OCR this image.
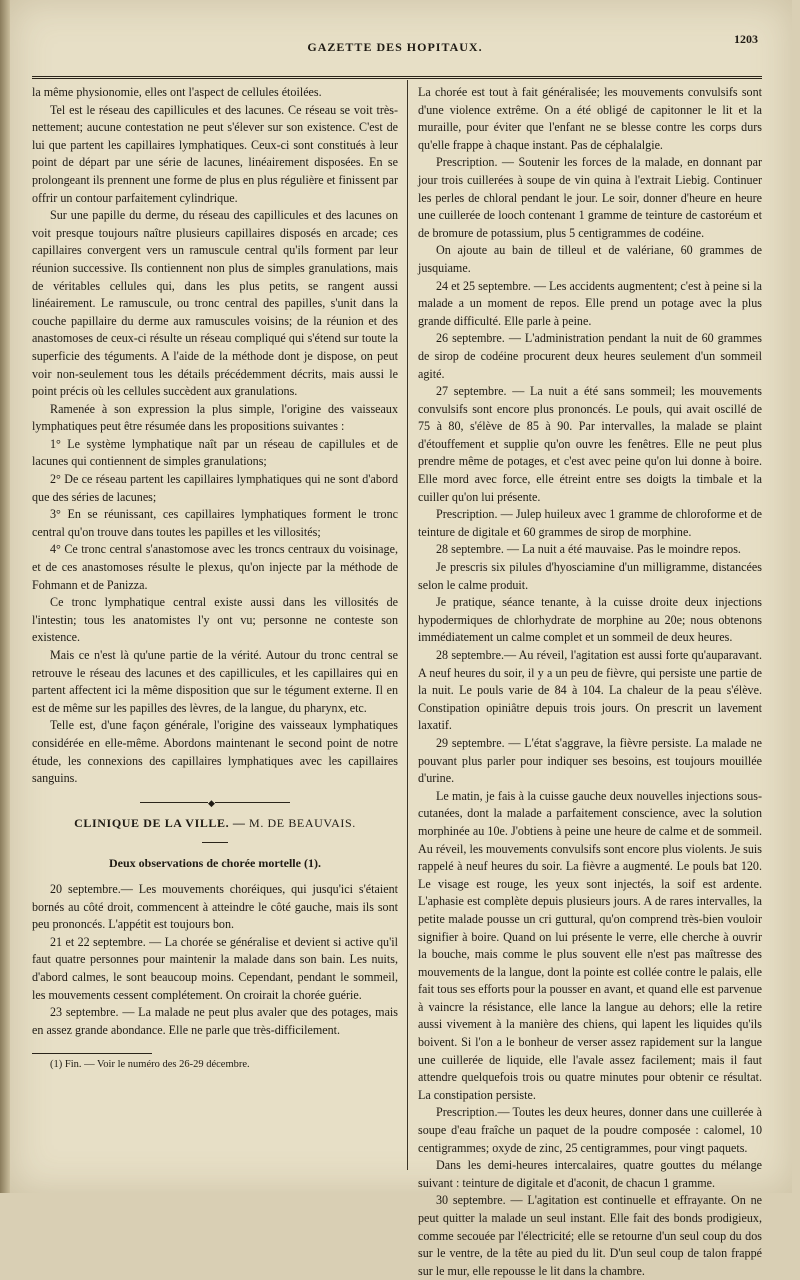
GAZETTE DES HOPITAUX.
1203

la même physionomie, elles ont l'aspect de cellules étoilées.

Tel est le réseau des capillicules et des lacunes. Ce réseau se voit très-nettement; aucune contestation ne peut s'élever sur son existence. C'est de lui que partent les capillaires lymphatiques. Ceux-ci sont constitués à leur point de départ par une série de lacunes, linéairement disposées. En se prolongeant ils prennent une forme de plus en plus régulière et finissent par offrir un contour parfaitement cylindrique.

Sur une papille du derme, du réseau des capillicules et des lacunes on voit presque toujours naître plusieurs capillaires disposés en arcade; ces capillaires convergent vers un ramuscule central qu'ils forment par leur réunion successive. Ils contiennent non plus de simples granulations, mais de véritables cellules qui, dans les plus petits, se rangent aussi linéairement. Le ramuscule, ou tronc central des papilles, s'unit dans la couche papillaire du derme aux ramuscules voisins; de la réunion et des anastomoses de ceux-ci résulte un réseau compliqué qui s'étend sur toute la superficie des téguments. A l'aide de la méthode dont je dispose, on peut voir non-seulement tous les détails précédemment décrits, mais aussi le point précis où les cellules succèdent aux granulations.

Ramenée à son expression la plus simple, l'origine des vaisseaux lymphatiques peut être résumée dans les propositions suivantes :

1° Le système lymphatique naît par un réseau de capillules et de lacunes qui contiennent de simples granulations;

2° De ce réseau partent les capillaires lymphatiques qui ne sont d'abord que des séries de lacunes;

3° En se réunissant, ces capillaires lymphatiques forment le tronc central qu'on trouve dans toutes les papilles et les villosités;

4° Ce tronc central s'anastomose avec les troncs centraux du voisinage, et de ces anastomoses résulte le plexus, qu'on injecte par la méthode de Fohmann et de Panizza.

Ce tronc lymphatique central existe aussi dans les villosités de l'intestin; tous les anatomistes l'y ont vu; personne ne conteste son existence.

Mais ce n'est là qu'une partie de la vérité. Autour du tronc central se retrouve le réseau des lacunes et des capillicules, et les capillaires qui en partent affectent ici la même disposition que sur le tégument externe. Il en est de même sur les papilles des lèvres, de la langue, du pharynx, etc.

Telle est, d'une façon générale, l'origine des vaisseaux lymphatiques considérée en elle-même. Abordons maintenant le second point de notre étude, les connexions des capillaires lymphatiques avec les capillaires sanguins.

◆
CLINIQUE DE LA VILLE. — M. DE BEAUVAIS.
Deux observations de chorée mortelle (1).

20 septembre.— Les mouvements choréiques, qui jusqu'ici s'étaient bornés au côté droit, commencent à atteindre le côté gauche, mais ils sont peu prononcés. L'appétit est toujours bon.

21 et 22 septembre. — La chorée se généralise et devient si active qu'il faut quatre personnes pour maintenir la malade dans son bain. Les nuits, d'abord calmes, le sont beaucoup moins. Cependant, pendant le sommeil, les mouvements cessent complétement. On croirait la chorée guérie.

23 septembre. — La malade ne peut plus avaler que des potages, mais en assez grande abondance. Elle ne parle que très-difficilement.

(1) Fin. — Voir le numéro des 26-29 décembre.

La chorée est tout à fait généralisée; les mouvements convulsifs sont d'une violence extrême. On a été obligé de capitonner le lit et la muraille, pour éviter que l'enfant ne se blesse contre les corps durs qu'elle frappe à chaque instant. Pas de céphalalgie.

Prescription. — Soutenir les forces de la malade, en donnant par jour trois cuillerées à soupe de vin quina à l'extrait Liebig. Continuer les perles de chloral pendant le jour. Le soir, donner d'heure en heure une cuillerée de looch contenant 1 gramme de teinture de castoréum et de bromure de potassium, plus 5 centigrammes de codéine.

On ajoute au bain de tilleul et de valériane, 60 grammes de jusquiame.

24 et 25 septembre. — Les accidents augmentent; c'est à peine si la malade a un moment de repos. Elle prend un potage avec la plus grande difficulté. Elle parle à peine.

26 septembre. — L'administration pendant la nuit de 60 grammes de sirop de codéine procurent deux heures seulement d'un sommeil agité.

27 septembre. — La nuit a été sans sommeil; les mouvements convulsifs sont encore plus prononcés. Le pouls, qui avait oscillé de 75 à 80, s'élève de 85 à 90. Par intervalles, la malade se plaint d'étouffement et supplie qu'on ouvre les fenêtres. Elle ne peut plus prendre même de potages, et c'est avec peine qu'on lui donne à boire. Elle mord avec force, elle étreint entre ses doigts la timbale et la cuiller qu'on lui présente.

Prescription. — Julep huileux avec 1 gramme de chloroforme et de teinture de digitale et 60 grammes de sirop de morphine.

28 septembre. — La nuit a été mauvaise. Pas le moindre repos.

Je prescris six pilules d'hyosciamine d'un milligramme, distancées selon le calme produit.

Je pratique, séance tenante, à la cuisse droite deux injections hypodermiques de chlorhydrate de morphine au 20e; nous obtenons immédiatement un calme complet et un sommeil de deux heures.

28 septembre.— Au réveil, l'agitation est aussi forte qu'auparavant. A neuf heures du soir, il y a un peu de fièvre, qui persiste une partie de la nuit. Le pouls varie de 84 à 104. La chaleur de la peau s'élève. Constipation opiniâtre depuis trois jours. On prescrit un lavement laxatif.

29 septembre. — L'état s'aggrave, la fièvre persiste. La malade ne pouvant plus parler pour indiquer ses besoins, est toujours mouillée d'urine.

Le matin, je fais à la cuisse gauche deux nouvelles injections sous-cutanées, dont la malade a parfaitement conscience, avec la solution morphinée au 10e. J'obtiens à peine une heure de calme et de sommeil. Au réveil, les mouvements convulsifs sont encore plus violents. Je suis rappelé à neuf heures du soir. La fièvre a augmenté. Le pouls bat 120. Le visage est rouge, les yeux sont injectés, la soif est ardente. L'aphasie est complète depuis plusieurs jours. A de rares intervalles, la petite malade pousse un cri guttural, qu'on comprend très-bien vouloir signifier à boire. Quand on lui présente le verre, elle cherche à ouvrir la bouche, mais comme le plus souvent elle n'est pas maîtresse des mouvements de la langue, dont la pointe est collée contre le palais, elle fait tous ses efforts pour la pousser en avant, et quand elle est parvenue à vaincre la résistance, elle lance la langue au dehors; elle la retire aussi vivement à la manière des chiens, qui lapent les liquides qu'ils boivent. Si l'on a le bonheur de verser assez rapidement sur la langue une cuillerée de liquide, elle l'avale assez facilement; mais il faut attendre quelquefois trois ou quatre minutes pour obtenir ce résultat. La constipation persiste.

Prescription.— Toutes les deux heures, donner dans une cuillerée à soupe d'eau fraîche un paquet de la poudre composée : calomel, 10 centigrammes; oxyde de zinc, 25 centigrammes, pour vingt paquets.

Dans les demi-heures intercalaires, quatre gouttes du mélange suivant : teinture de digitale et d'aconit, de chacun 1 gramme.

30 septembre. — L'agitation est continuelle et effrayante. On ne peut quitter la malade un seul instant. Elle fait des bonds prodigieux, comme secouée par l'électricité; elle se retourne d'un seul coup du dos sur le ventre, de la tête au pied du lit. D'un seul coup de talon frappé sur le mur, elle repousse le lit dans la chambre.
